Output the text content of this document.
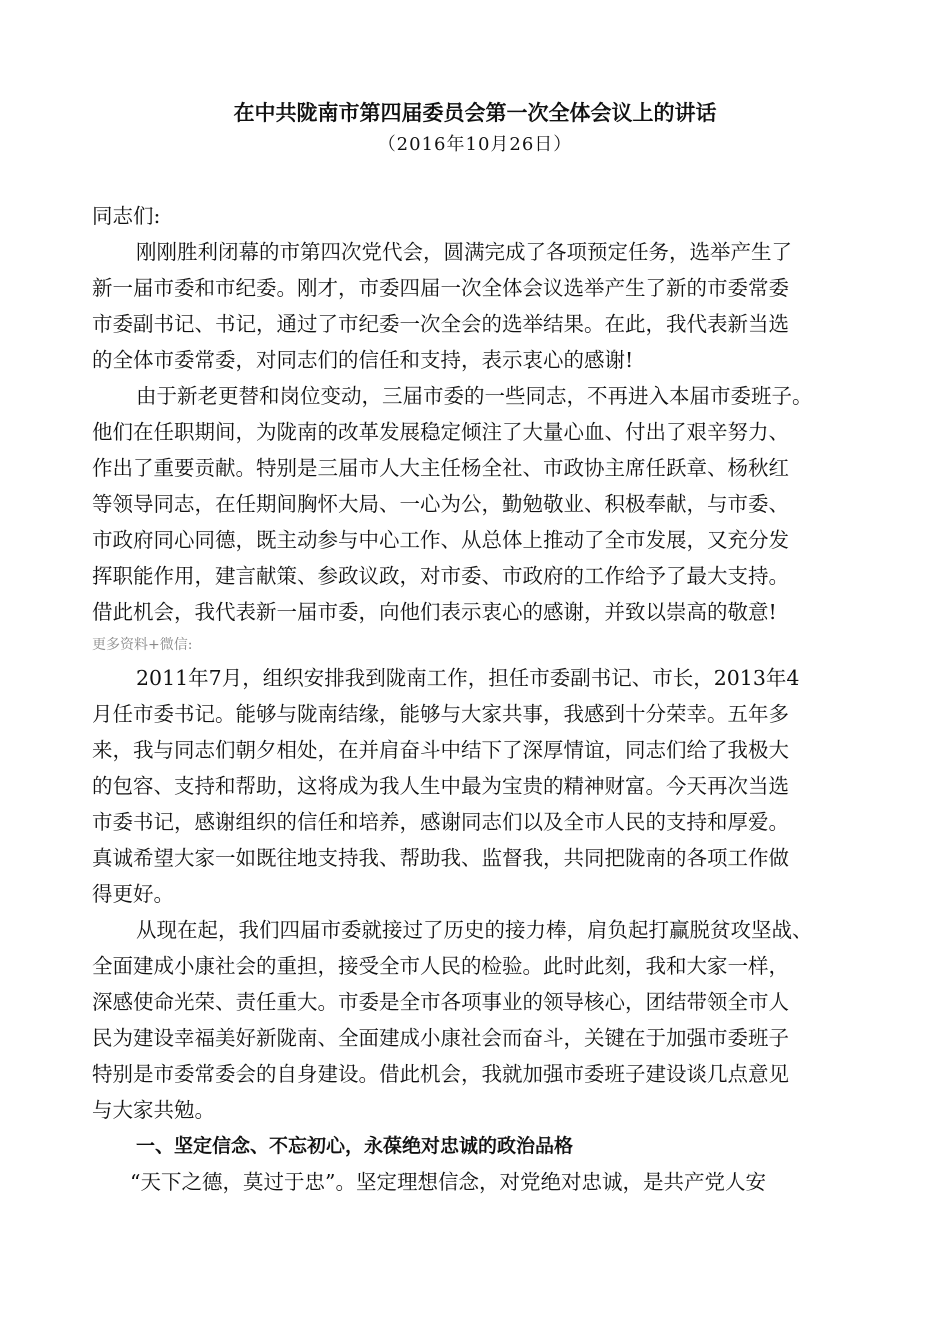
在中共陇南市第四届委员会第一次全体会议上的讲话
（2016年10月26日）
同志们:
刚刚胜利闭幕的市第四次党代会，圆满完成了各项预定任务，选举产生了
新一届市委和市纪委。刚才，市委四届一次全体会议选举产生了新的市委常委
市委副书记、书记，通过了市纪委一次全会的选举结果。在此，我代表新当选
的全体市委常委，对同志们的信任和支持，表示衷心的感谢!
由于新老更替和岗位变动，三届市委的一些同志，不再进入本届市委班子。
他们在任职期间，为陇南的改革发展稳定倾注了大量心血、付出了艰辛努力、
作出了重要贡献。特别是三届市人大主任杨全社、市政协主席任跃章、杨秋红
等领导同志，在任期间胸怀大局、一心为公，勤勉敬业、积极奉献，与市委、
市政府同心同德，既主动参与中心工作、从总体上推动了全市发展，又充分发
挥职能作用，建言献策、参政议政，对市委、市政府的工作给予了最大支持。
借此机会，我代表新一届市委，向他们表示衷心的感谢，并致以崇高的敬意!
更多资料+微信:
2011年7月，组织安排我到陇南工作，担任市委副书记、市长，2013年4
月任市委书记。能够与陇南结缘，能够与大家共事，我感到十分荣幸。五年多
来，我与同志们朝夕相处，在并肩奋斗中结下了深厚情谊，同志们给了我极大
的包容、支持和帮助，这将成为我人生中最为宝贵的精神财富。今天再次当选
市委书记，感谢组织的信任和培养，感谢同志们以及全市人民的支持和厚爱。
真诚希望大家一如既往地支持我、帮助我、监督我，共同把陇南的各项工作做
得更好。
从现在起，我们四届市委就接过了历史的接力棒，肩负起打赢脱贫攻坚战、
全面建成小康社会的重担，接受全市人民的检验。此时此刻，我和大家一样，
深感使命光荣、责任重大。市委是全市各项事业的领导核心，团结带领全市人
民为建设幸福美好新陇南、全面建成小康社会而奋斗，关键在于加强市委班子
特别是市委常委会的自身建设。借此机会，我就加强市委班子建设谈几点意见
与大家共勉。
一、坚定信念、不忘初心，永葆绝对忠诚的政治品格
“天下之德，莫过于忠”。坚定理想信念，对党绝对忠诚，是共产党人安
